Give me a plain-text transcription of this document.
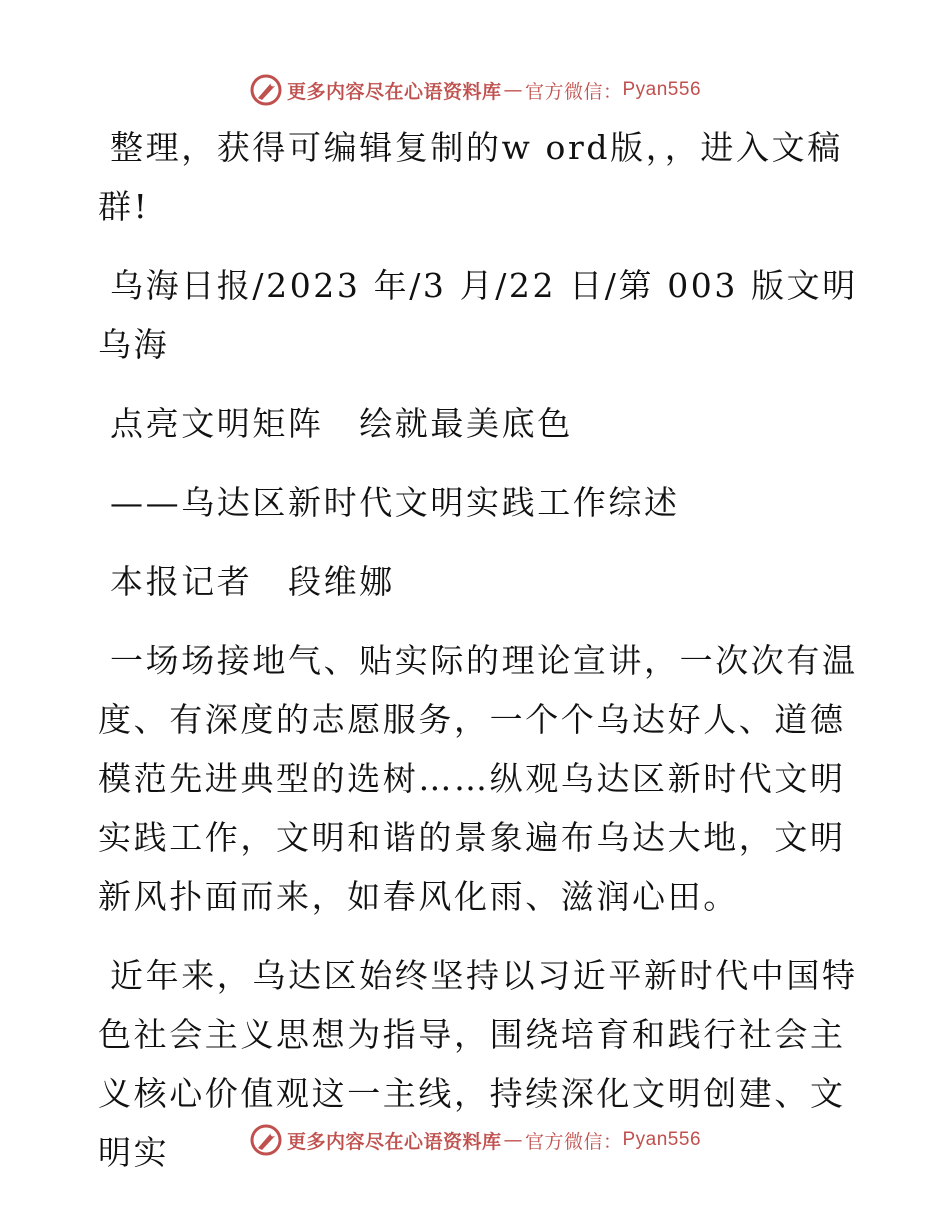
更多内容尽在心语资料库 — 官方微信： Pyan556

整理，获得可编辑复制的w ord版，，进入文稿群!

乌海日报/2023 年/3 月/22 日/第 003 版文明乌海

点亮文明矩阵　绘就最美底色

——乌达区新时代文明实践工作综述

本报记者　段维娜

一场场接地气、贴实际的理论宣讲，一次次有温度、有深度的志愿服务，一个个乌达好人、道德模范先进典型的选树……纵观乌达区新时代文明实践工作，文明和谐的景象遍布乌达大地，文明新风扑面而来，如春风化雨、滋润心田。

近年来，乌达区始终坚持以习近平新时代中国特色社会主义思想为指导，围绕培育和践行社会主义核心价值观这一主线，持续深化文明创建、文明实	更多内容尽在心语资料库 — 官方微信： Pyan556
